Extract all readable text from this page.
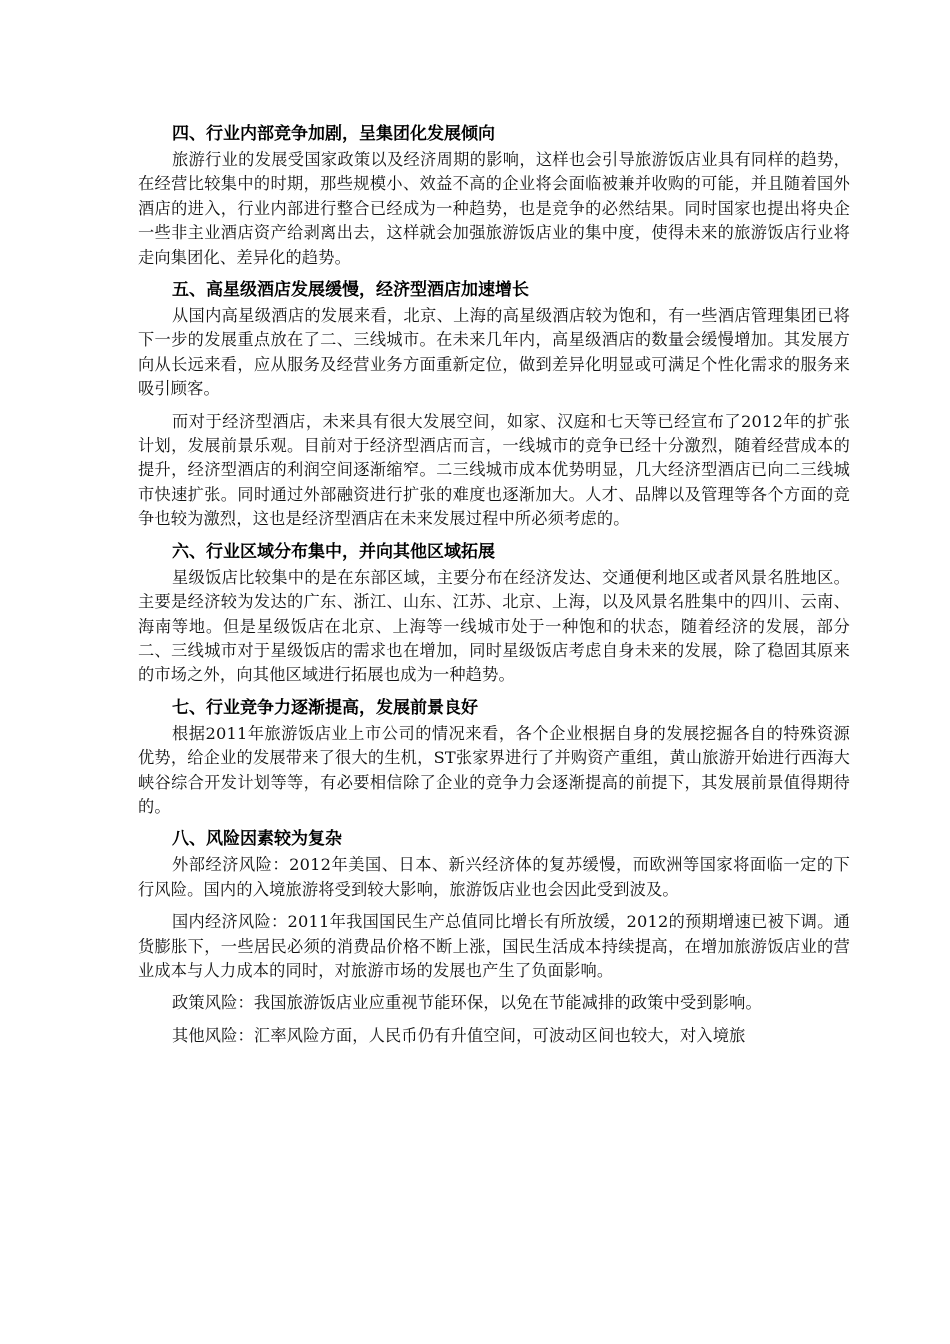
四、行业内部竞争加剧，呈集团化发展倾向

旅游行业的发展受国家政策以及经济周期的影响，这样也会引导旅游饭店业具有同样的趋势，在经营比较集中的时期，那些规模小、效益不高的企业将会面临被兼并收购的可能，并且随着国外酒店的进入，行业内部进行整合已经成为一种趋势，也是竞争的必然结果。同时国家也提出将央企一些非主业酒店资产给剥离出去，这样就会加强旅游饭店业的集中度，使得未来的旅游饭店行业将走向集团化、差异化的趋势。

五、高星级酒店发展缓慢，经济型酒店加速增长

从国内高星级酒店的发展来看，北京、上海的高星级酒店较为饱和，有一些酒店管理集团已将下一步的发展重点放在了二、三线城市。在未来几年内，高星级酒店的数量会缓慢增加。其发展方向从长远来看，应从服务及经营业务方面重新定位，做到差异化明显或可满足个性化需求的服务来吸引顾客。

而对于经济型酒店，未来具有很大发展空间，如家、汉庭和七天等已经宣布了2012年的扩张计划，发展前景乐观。目前对于经济型酒店而言，一线城市的竞争已经十分激烈，随着经营成本的提升，经济型酒店的利润空间逐渐缩窄。二三线城市成本优势明显，几大经济型酒店已向二三线城市快速扩张。同时通过外部融资进行扩张的难度也逐渐加大。人才、品牌以及管理等各个方面的竞争也较为激烈，这也是经济型酒店在未来发展过程中所必须考虑的。

六、行业区域分布集中，并向其他区域拓展

星级饭店比较集中的是在东部区域，主要分布在经济发达、交通便利地区或者风景名胜地区。主要是经济较为发达的广东、浙江、山东、江苏、北京、上海，以及风景名胜集中的四川、云南、海南等地。但是星级饭店在北京、上海等一线城市处于一种饱和的状态，随着经济的发展，部分二、三线城市对于星级饭店的需求也在增加，同时星级饭店考虑自身未来的发展，除了稳固其原来的市场之外，向其他区域进行拓展也成为一种趋势。

七、行业竞争力逐渐提高，发展前景良好

根据2011年旅游饭店业上市公司的情况来看，各个企业根据自身的发展挖掘各自的特殊资源优势，给企业的发展带来了很大的生机，ST张家界进行了并购资产重组，黄山旅游开始进行西海大峡谷综合开发计划等等，有必要相信除了企业的竞争力会逐渐提高的前提下，其发展前景值得期待的。

八、风险因素较为复杂

外部经济风险：2012年美国、日本、新兴经济体的复苏缓慢，而欧洲等国家将面临一定的下行风险。国内的入境旅游将受到较大影响，旅游饭店业也会因此受到波及。

国内经济风险：2011年我国国民生产总值同比增长有所放缓，2012的预期增速已被下调。通货膨胀下，一些居民必须的消费品价格不断上涨，国民生活成本持续提高，在增加旅游饭店业的营业成本与人力成本的同时，对旅游市场的发展也产生了负面影响。

政策风险：我国旅游饭店业应重视节能环保，以免在节能减排的政策中受到影响。

其他风险：汇率风险方面，人民币仍有升值空间，可波动区间也较大，对入境旅
